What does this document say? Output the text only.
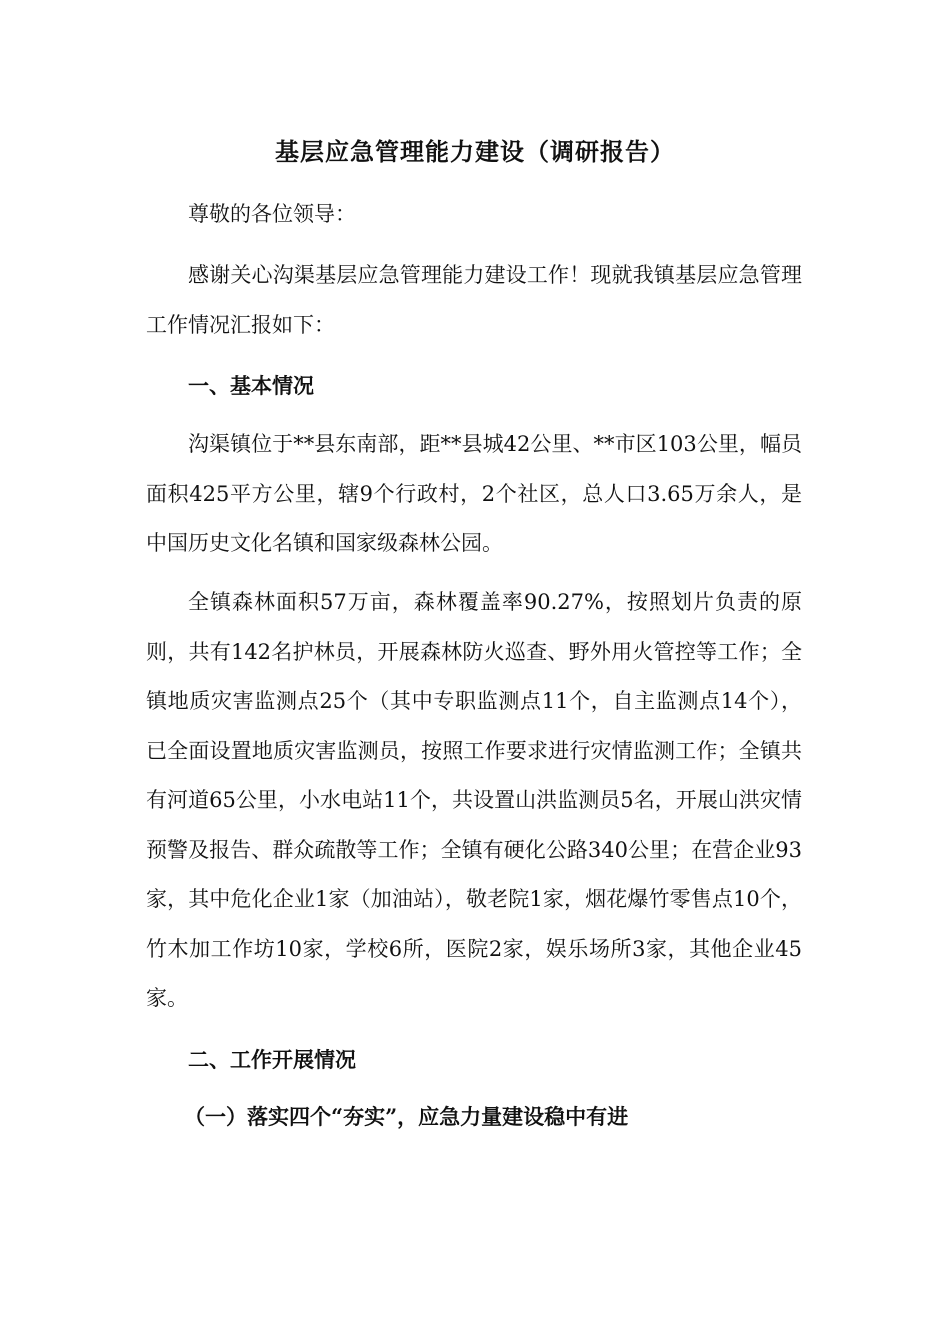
基层应急管理能力建设（调研报告）
尊敬的各位领导：
感谢关心沟渠基层应急管理能力建设工作！现就我镇基层应急管理工作情况汇报如下：
一、基本情况
沟渠镇位于**县东南部，距**县城42公里、**市区103公里，幅员面积425平方公里，辖9个行政村，2个社区，总人口3.65万余人，是中国历史文化名镇和国家级森林公园。
全镇森林面积57万亩，森林覆盖率90.27%，按照划片负责的原则，共有142名护林员，开展森林防火巡查、野外用火管控等工作；全镇地质灾害监测点25个（其中专职监测点11个，自主监测点14个），已全面设置地质灾害监测员，按照工作要求进行灾情监测工作；全镇共有河道65公里，小水电站11个，共设置山洪监测员5名，开展山洪灾情预警及报告、群众疏散等工作；全镇有硬化公路340公里；在营企业93家，其中危化企业1家（加油站），敬老院1家，烟花爆竹零售点10个，竹木加工作坊10家，学校6所，医院2家，娱乐场所3家，其他企业45家。
二、工作开展情况
（一）落实四个“夯实”，应急力量建设稳中有进
